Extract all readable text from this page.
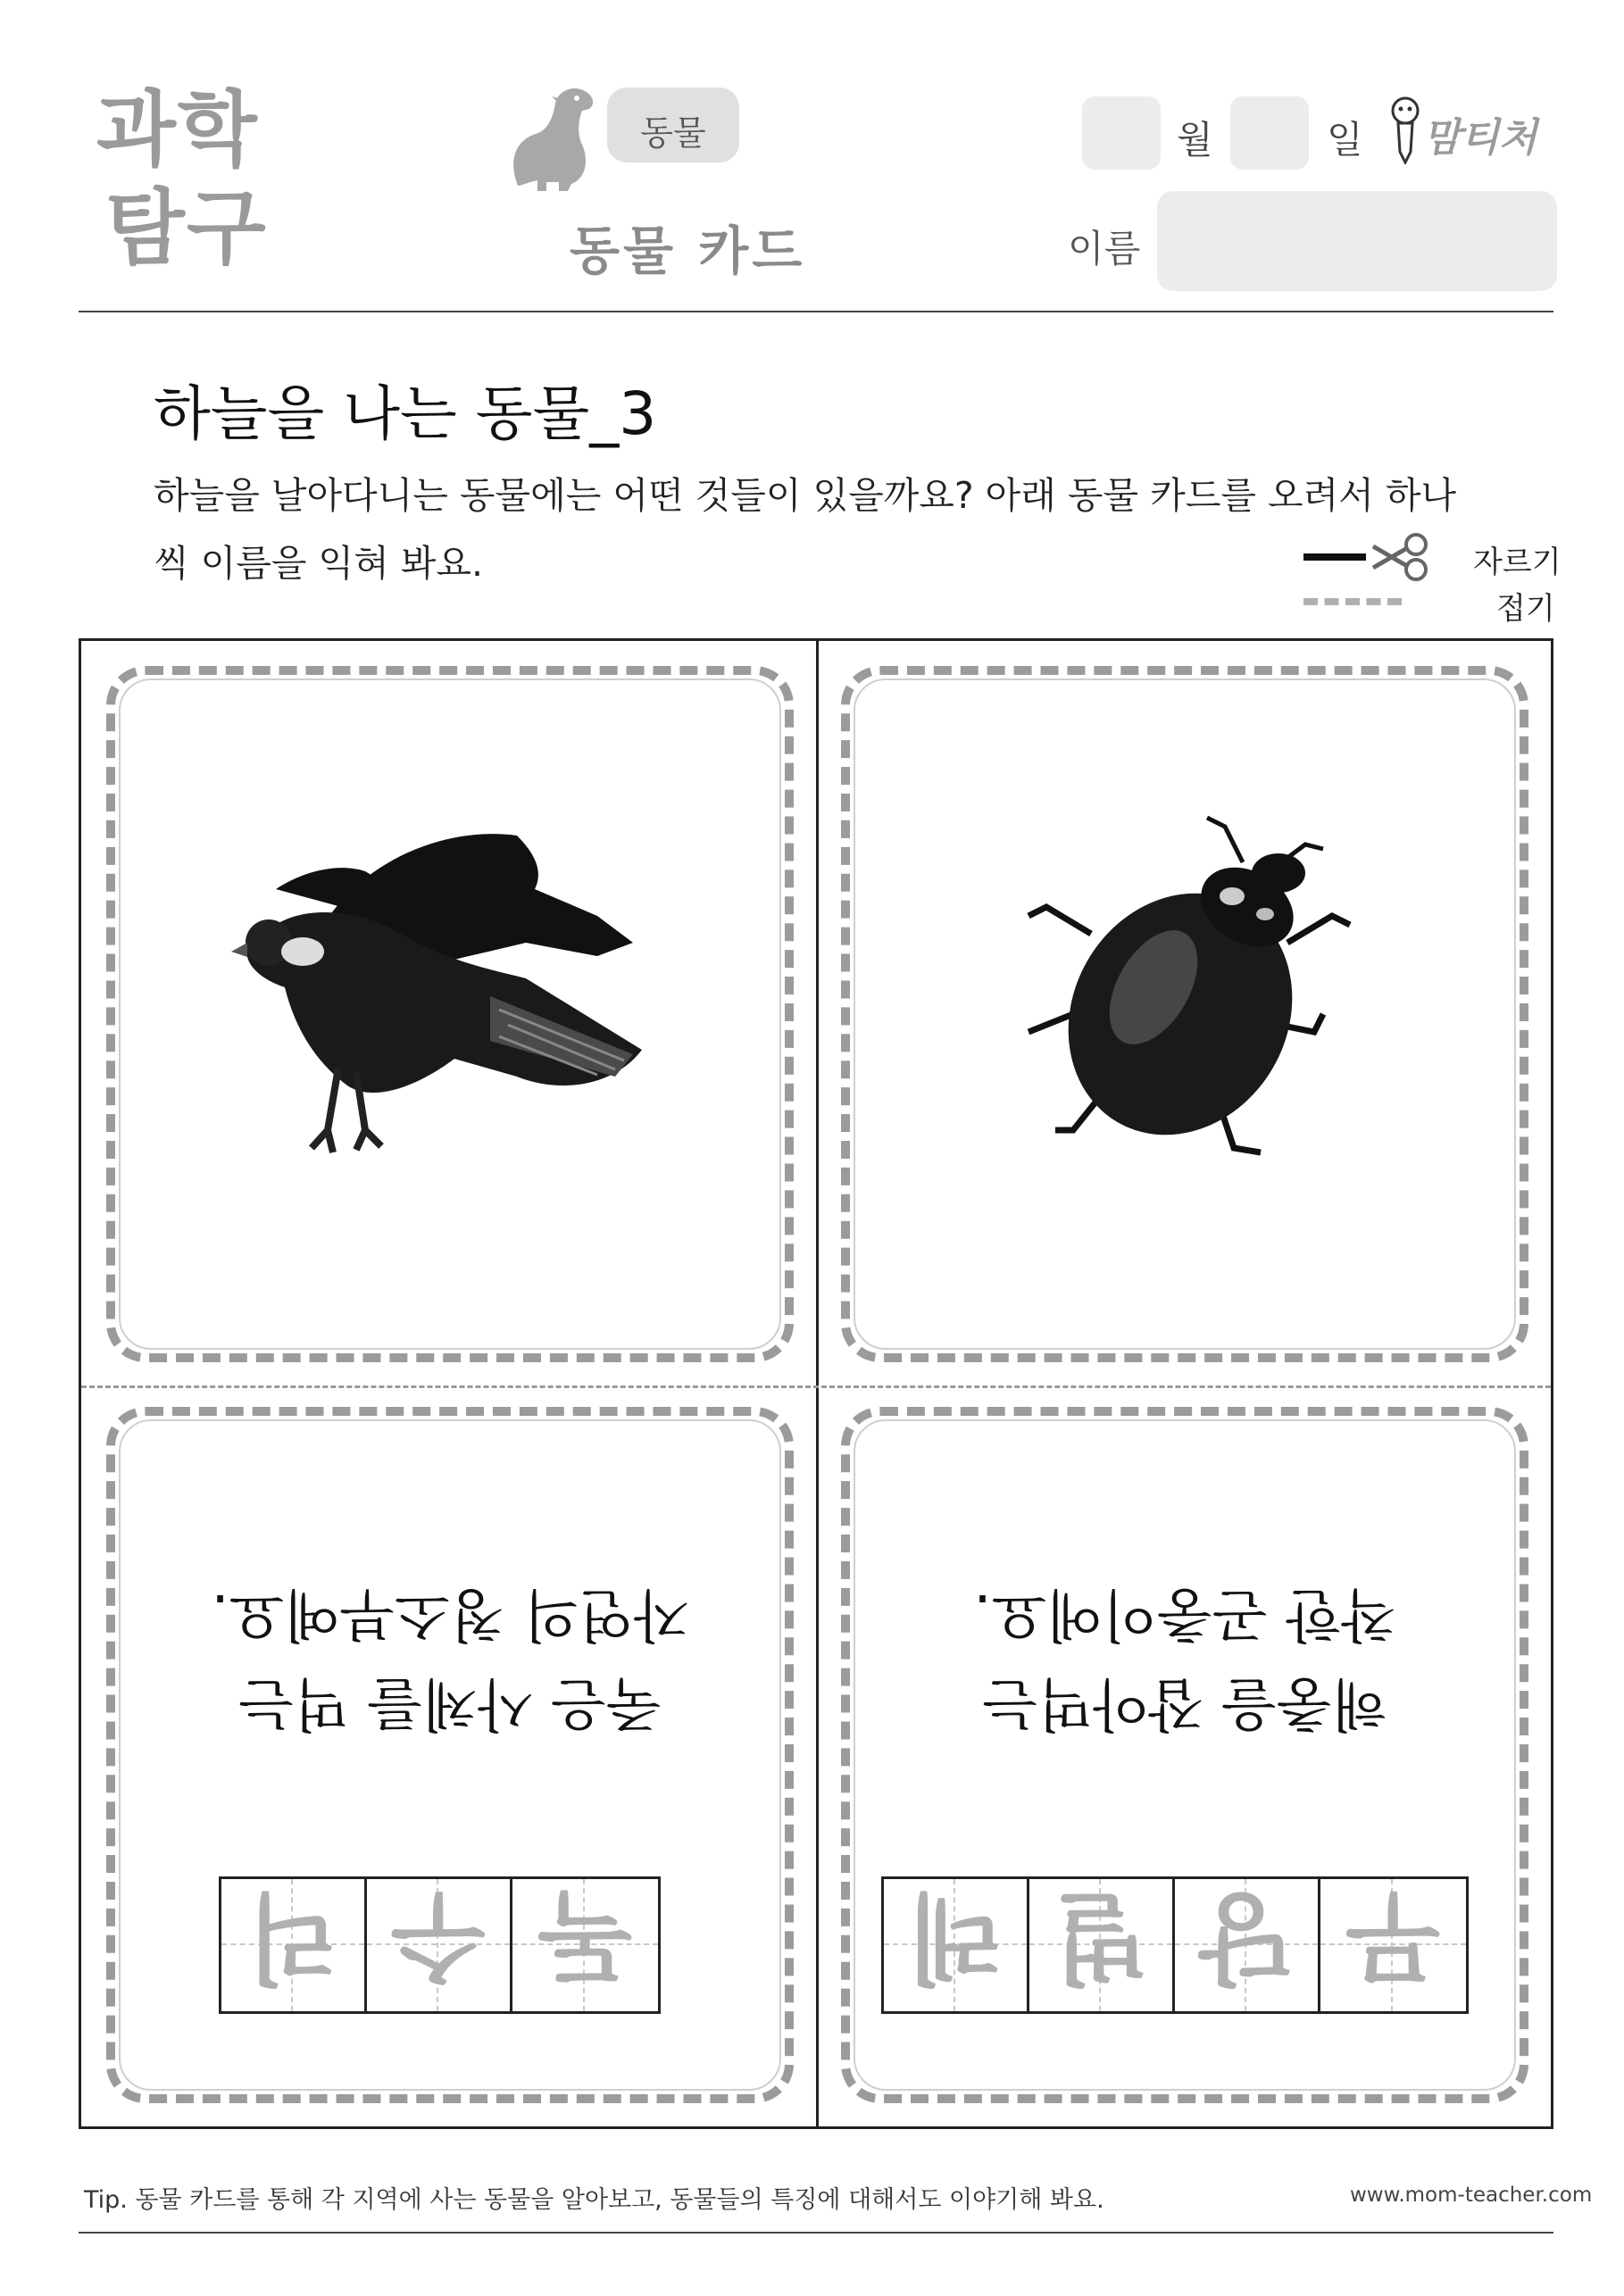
과학
탐구
동물
동물 카드
월	일 맘티처
이름
하늘을 나는 동물_3
하늘을 날아다니는 동물에는 어떤 것들이 있을까요? 아래 동물 카드를 오려서 하나
씩 이름을 익혀 봐요.	자르기
접기
독
수
리
죽은 사체를 먹는
자연의 청소부예요.
무
당
벌
레
해충을 잡아먹는
착한 곤충이에요.
Tip. 동물 카드를 통해 각 지역에 사는 동물을 알아보고, 동물들의 특징에 대해서도 이야기해 봐요.	www.mom-teacher.com
